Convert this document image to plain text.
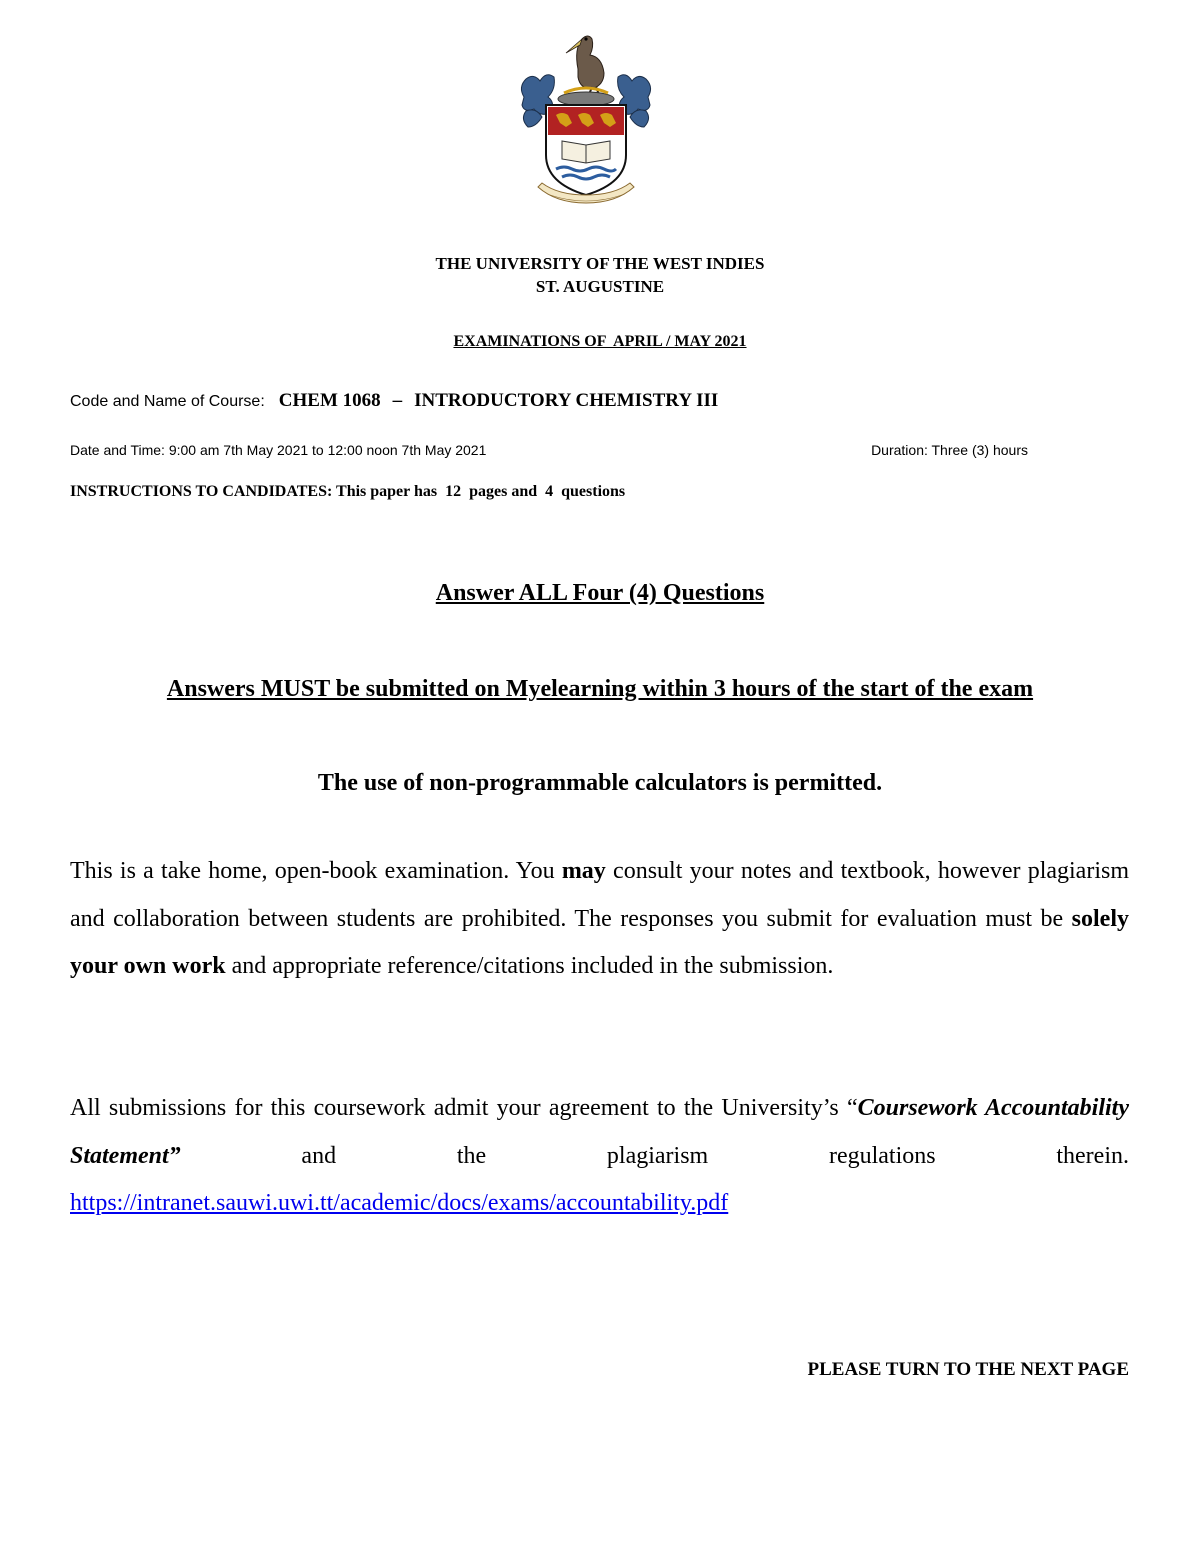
THE UNIVERSITY OF THE WEST INDIES
ST. AUGUSTINE
EXAMINATIONS OF  APRIL / MAY 2021
Code and Name of Course: CHEM 1068 – INTRODUCTORY CHEMISTRY III
Date and Time: 9:00 am 7th May 2021 to 12:00 noon 7th May 2021	Duration: Three (3) hours
INSTRUCTIONS TO CANDIDATES: This paper has  12  pages and  4  questions
Answer ALL Four (4) Questions
Answers MUST be submitted on Myelearning within 3 hours of the start of the exam
The use of non-programmable calculators is permitted.
This is a take home, open-book examination. You may consult your notes and textbook, however plagiarism and collaboration between students are prohibited. The responses you submit for evaluation must be solely your own work and appropriate reference/citations included in the submission.
All submissions for this coursework admit your agreement to the University’s “Coursework Accountability Statement” and the plagiarism regulations therein. https://intranet.sauwi.uwi.tt/academic/docs/exams/accountability.pdf
PLEASE TURN TO THE NEXT PAGE
